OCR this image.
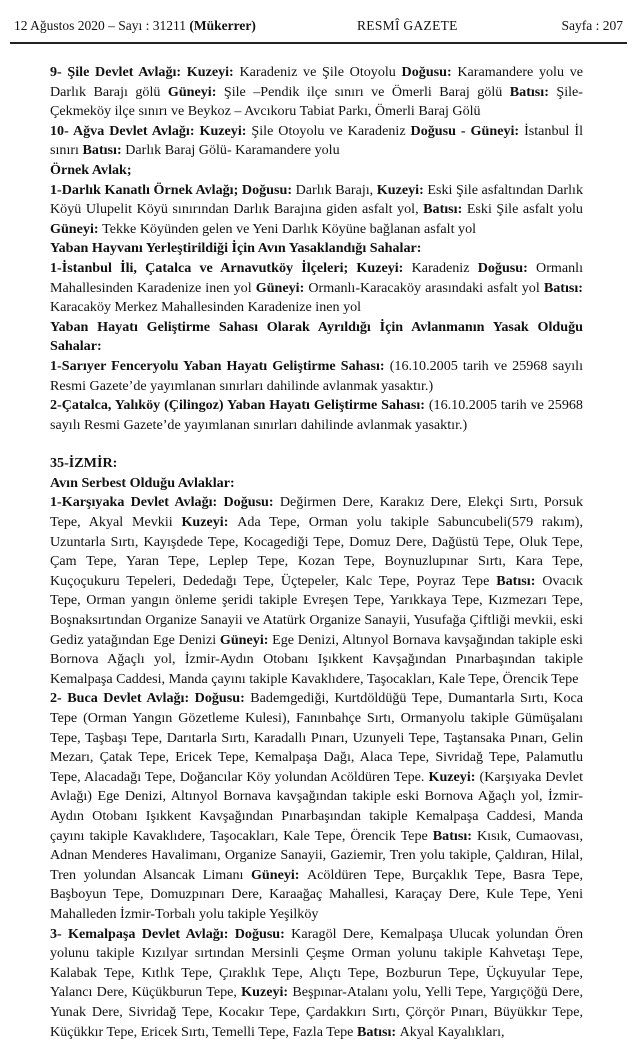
12 Ağustos 2020 – Sayı : 31211 (Mükerrer)	RESMÎ GAZETE	Sayfa : 207

9- Şile Devlet Avlağı: Kuzeyi: Karadeniz ve Şile Otoyolu Doğusu: Karamandere yolu ve Darlık Barajı gölü Güneyi: Şile –Pendik ilçe sınırı ve Ömerli Baraj gölü Batısı: Şile-Çekmeköy ilçe sınırı ve Beykoz – Avcıkoru Tabiat Parkı, Ömerli Baraj Gölü

10- Ağva Devlet Avlağı: Kuzeyi: Şile Otoyolu ve Karadeniz Doğusu - Güneyi: İstanbul İl sınırı Batısı: Darlık Baraj Gölü- Karamandere yolu

Örnek Avlak;

1-Darlık Kanatlı Örnek Avlağı; Doğusu: Darlık Barajı, Kuzeyi: Eski Şile asfaltından Darlık Köyü Ulupelit Köyü sınırından Darlık Barajına giden asfalt yol, Batısı: Eski Şile asfalt yolu Güneyi: Tekke Köyünden gelen ve Yeni Darlık Köyüne bağlanan asfalt yol

Yaban Hayvanı Yerleştirildiği İçin Avın Yasaklandığı Sahalar:

1-İstanbul İli, Çatalca ve Arnavutköy İlçeleri; Kuzeyi: Karadeniz Doğusu: Ormanlı Mahallesinden Karadenize inen yol Güneyi: Ormanlı-Karacaköy arasındaki asfalt yol Batısı: Karacaköy Merkez Mahallesinden Karadenize inen yol

Yaban Hayatı Geliştirme Sahası Olarak Ayrıldığı İçin Avlanmanın Yasak Olduğu Sahalar:

1-Sarıyer Fenceryolu Yaban Hayatı Geliştirme Sahası: (16.10.2005 tarih ve 25968 sayılı Resmi Gazete’de yayımlanan sınırları dahilinde avlanmak yasaktır.)

2-Çatalca, Yalıköy (Çilingoz) Yaban Hayatı Geliştirme Sahası: (16.10.2005 tarih ve 25968 sayılı Resmi Gazete’de yayımlanan sınırları dahilinde avlanmak yasaktır.)

35-İZMİR:

Avın Serbest Olduğu Avlaklar:

1-Karşıyaka Devlet Avlağı: Doğusu: Değirmen Dere, Karakız Dere, Elekçi Sırtı, Porsuk Tepe, Akyal Mevkii Kuzeyi: Ada Tepe, Orman yolu takiple Sabuncubeli(579 rakım), Uzuntarla Sırtı, Kayışdede Tepe, Kocagediği Tepe, Domuz Dere, Dağüstü Tepe, Oluk Tepe, Çam Tepe, Yaran Tepe, Leplep Tepe, Kozan Tepe, Boynuzlupınar Sırtı, Kara Tepe, Kuçoçukuru Tepeleri, Dededağı Tepe, Üçtepeler, Kalc Tepe, Poyraz Tepe Batısı: Ovacık Tepe, Orman yangın önleme şeridi takiple Evreşen Tepe, Yarıkkaya Tepe, Kızmezarı Tepe, Boşnaksırtından Organize Sanayii ve Atatürk Organize Sanayii, Yusufağa Çiftliği mevkii, eski Gediz yatağından Ege Denizi Güneyi: Ege Denizi, Altınyol Bornava kavşağından takiple eski Bornova Ağaçlı yol, İzmir-Aydın Otobanı Işıkkent Kavşağından Pınarbaşından takiple Kemalpaşa Caddesi, Manda çayını takiple Kavaklıdere, Taşocakları, Kale Tepe, Örencik Tepe

2- Buca Devlet Avlağı: Doğusu: Bademgediği, Kurtdöldüğü Tepe, Dumantarla Sırtı, Koca Tepe (Orman Yangın Gözetleme Kulesi), Fanınbahçe Sırtı, Ormanyolu takiple Gümüşalanı Tepe, Taşbaşı Tepe, Darıtarla Sırtı, Karadallı Pınarı, Uzunyeli Tepe, Taştansaka Pınarı, Gelin Mezarı, Çatak Tepe, Ericek Tepe, Kemalpaşa Dağı, Alaca Tepe, Sivridağ Tepe, Palamutlu Tepe, Alacadağı Tepe, Doğancılar Köy yolundan Acöldüren Tepe. Kuzeyi: (Karşıyaka Devlet Avlağı) Ege Denizi, Altınyol Bornava kavşağından takiple eski Bornova Ağaçlı yol, İzmir-Aydın Otobanı Işıkkent Kavşağından Pınarbaşından takiple Kemalpaşa Caddesi, Manda çayını takiple Kavaklıdere, Taşocakları, Kale Tepe, Örencik Tepe Batısı: Kısık, Cumaovası, Adnan Menderes Havalimanı, Organize Sanayii, Gaziemir, Tren yolu takiple, Çaldıran, Hilal, Tren yolundan Alsancak Limanı Güneyi: Acöldüren Tepe, Burçaklık Tepe, Basra Tepe, Başboyun Tepe, Domuzpınarı Dere, Karaağaç Mahallesi, Karaçay Dere, Kule Tepe, Yeni Mahalleden İzmir-Torbalı yolu takiple Yeşilköy

3- Kemalpaşa Devlet Avlağı: Doğusu: Karagöl Dere, Kemalpaşa Ulucak yolundan Ören yolunu takiple Kızılyar sırtından Mersinli Çeşme Orman yolunu takiple Kahvetaşı Tepe, Kalabak Tepe, Kıtlık Tepe, Çıraklık Tepe, Alıçtı Tepe, Bozburun Tepe, Üçkuyular Tepe, Yalancı Dere, Küçükburun Tepe, Kuzeyi: Beşpınar-Atalanı yolu, Yelli Tepe, Yargıçöğü Dere, Yunak Dere, Sivridağ Tepe, Kocakır Tepe, Çardakkırı Sırtı, Çörçör Pınarı, Büyükkır Tepe, Küçükkır Tepe, Ericek Sırtı, Temelli Tepe, Fazla Tepe Batısı: Akyal Kayalıkları,
